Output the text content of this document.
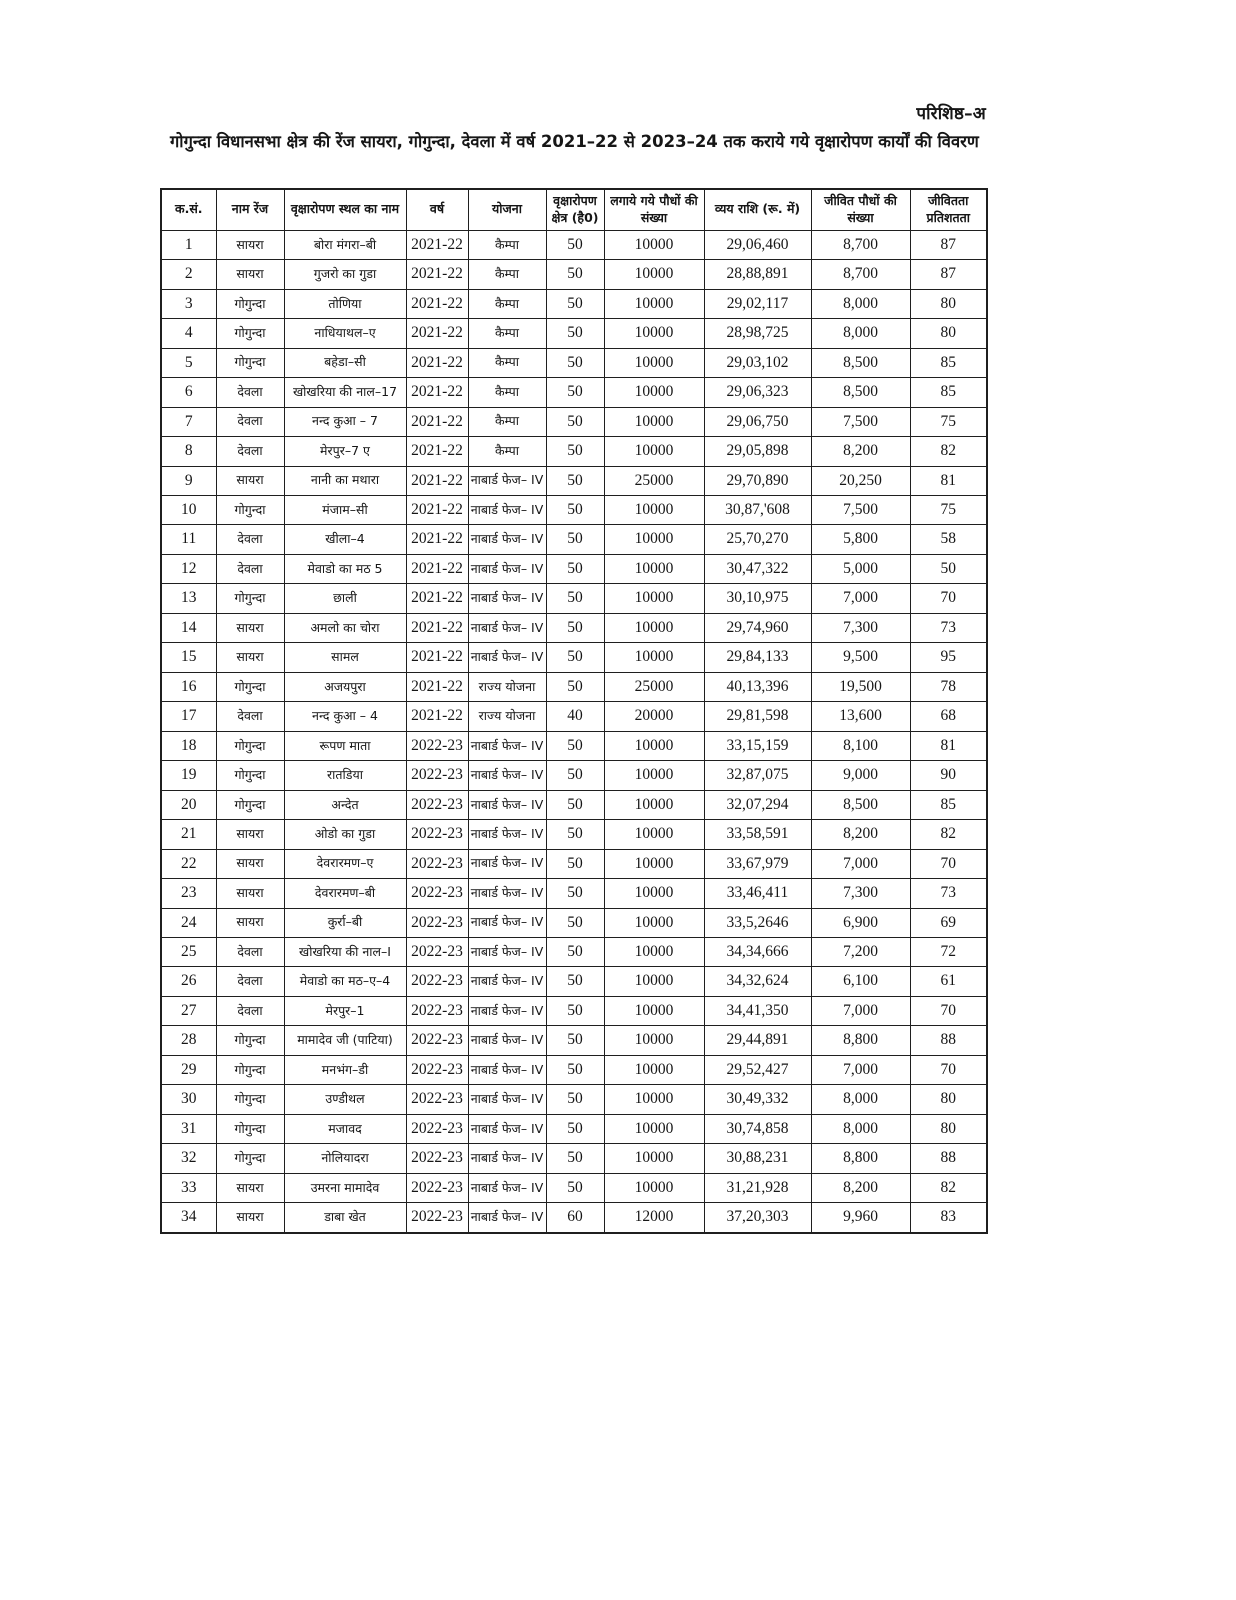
परिशिष्ठ–अ
गोगुन्दा विधानसभा क्षेत्र की रेंज सायरा, गोगुन्दा, देवला में वर्ष 2021–22 से 2023–24 तक कराये गये वृक्षारोपण कार्यों की विवरण
क.सं.	नाम रेंज	वृक्षारोपण स्थल का नाम	वर्ष	योजना	वृक्षारोपण क्षेत्र (है0)	लगाये गये पौधों की संख्या	व्यय राशि (रू. में)	जीवित पौधों की संख्या	जीवितता प्रतिशतता
1	सायरा	बोरा मंगरा–बी	2021-22	कैम्पा	50	10000	29,06,460	8,700	87
2	सायरा	गुजरो का गुडा	2021-22	कैम्पा	50	10000	28,88,891	8,700	87
3	गोगुन्दा	तोणिया	2021-22	कैम्पा	50	10000	29,02,117	8,000	80
4	गोगुन्दा	नाधियाथल–ए	2021-22	कैम्पा	50	10000	28,98,725	8,000	80
5	गोगुन्दा	बहेडा–सी	2021-22	कैम्पा	50	10000	29,03,102	8,500	85
6	देवला	खोखरिया की नाल–17	2021-22	कैम्पा	50	10000	29,06,323	8,500	85
7	देवला	नन्द कुआ – 7	2021-22	कैम्पा	50	10000	29,06,750	7,500	75
8	देवला	मेरपुर–7 ए	2021-22	कैम्पा	50	10000	29,05,898	8,200	82
9	सायरा	नानी का मथारा	2021-22	नाबार्ड फेज– IV	50	25000	29,70,890	20,250	81
10	गोगुन्दा	मंजाम–सी	2021-22	नाबार्ड फेज– IV	50	10000	30,87,'608	7,500	75
11	देवला	खीला–4	2021-22	नाबार्ड फेज– IV	50	10000	25,70,270	5,800	58
12	देवला	मेवाडो का मठ 5	2021-22	नाबार्ड फेज– IV	50	10000	30,47,322	5,000	50
13	गोगुन्दा	छाली	2021-22	नाबार्ड फेज– IV	50	10000	30,10,975	7,000	70
14	सायरा	अमलो का चोरा	2021-22	नाबार्ड फेज– IV	50	10000	29,74,960	7,300	73
15	सायरा	सामल	2021-22	नाबार्ड फेज– IV	50	10000	29,84,133	9,500	95
16	गोगुन्दा	अजयपुरा	2021-22	राज्य योजना	50	25000	40,13,396	19,500	78
17	देवला	नन्द कुआ – 4	2021-22	राज्य योजना	40	20000	29,81,598	13,600	68
18	गोगुन्दा	रूपण माता	2022-23	नाबार्ड फेज– IV	50	10000	33,15,159	8,100	81
19	गोगुन्दा	रातडिया	2022-23	नाबार्ड फेज– IV	50	10000	32,87,075	9,000	90
20	गोगुन्दा	अन्देत	2022-23	नाबार्ड फेज– IV	50	10000	32,07,294	8,500	85
21	सायरा	ओडो का गुडा	2022-23	नाबार्ड फेज– IV	50	10000	33,58,591	8,200	82
22	सायरा	देवरारमण–ए	2022-23	नाबार्ड फेज– IV	50	10000	33,67,979	7,000	70
23	सायरा	देवरारमण–बी	2022-23	नाबार्ड फेज– IV	50	10000	33,46,411	7,300	73
24	सायरा	कुर्रा–बी	2022-23	नाबार्ड फेज– IV	50	10000	33,5,2646	6,900	69
25	देवला	खोखरिया की नाल–I	2022-23	नाबार्ड फेज– IV	50	10000	34,34,666	7,200	72
26	देवला	मेवाडो का मठ–ए–4	2022-23	नाबार्ड फेज– IV	50	10000	34,32,624	6,100	61
27	देवला	मेरपुर–1	2022-23	नाबार्ड फेज– IV	50	10000	34,41,350	7,000	70
28	गोगुन्दा	मामादेव जी (पाटिया)	2022-23	नाबार्ड फेज– IV	50	10000	29,44,891	8,800	88
29	गोगुन्दा	मनभंग–डी	2022-23	नाबार्ड फेज– IV	50	10000	29,52,427	7,000	70
30	गोगुन्दा	उण्डीथल	2022-23	नाबार्ड फेज– IV	50	10000	30,49,332	8,000	80
31	गोगुन्दा	मजावद	2022-23	नाबार्ड फेज– IV	50	10000	30,74,858	8,000	80
32	गोगुन्दा	नोलियादरा	2022-23	नाबार्ड फेज– IV	50	10000	30,88,231	8,800	88
33	सायरा	उमरना मामादेव	2022-23	नाबार्ड फेज– IV	50	10000	31,21,928	8,200	82
34	सायरा	डाबा खेत	2022-23	नाबार्ड फेज– IV	60	12000	37,20,303	9,960	83
